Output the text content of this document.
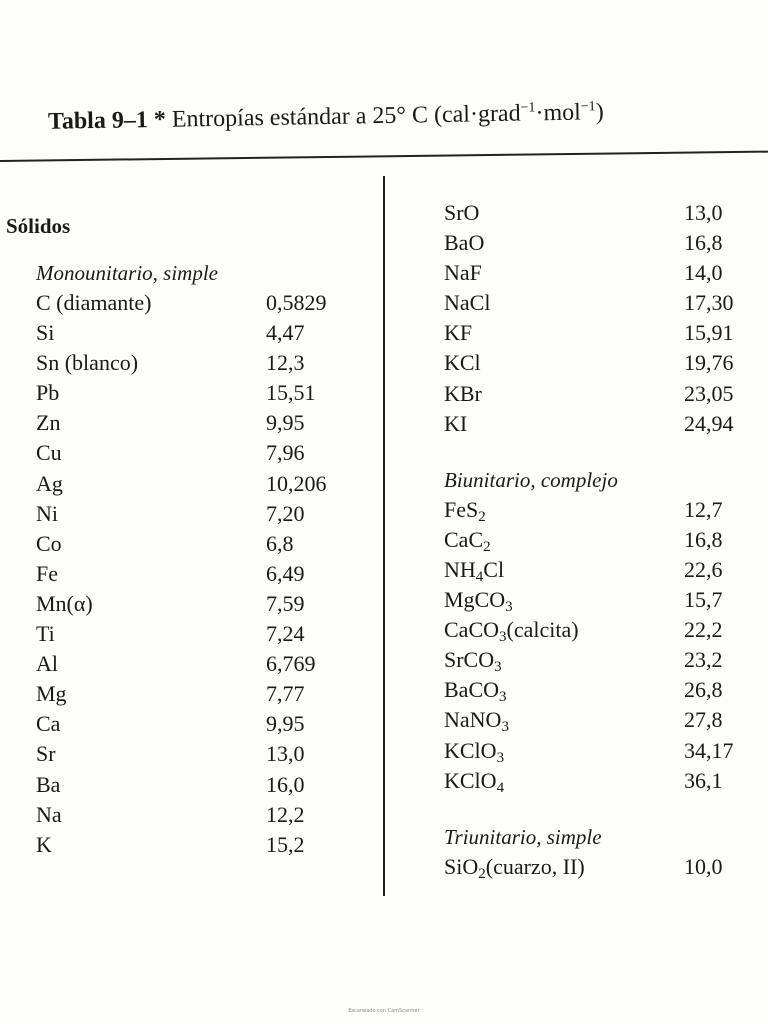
Tabla 9–1 * Entropías estándar a 25° C (cal·grad$^{-1}$·mol$^{-1}$)
Sólidos
Monounitario, simple
C (diamante)	0,5829
Si	4,47
Sn (blanco)	12,3
Pb	15,51
Zn	9,95
Cu	7,96
Ag	10,206
Ni	7,20
Co	6,8
Fe	6,49
Mn(α)	7,59
Ti	7,24
Al	6,769
Mg	7,77
Ca	9,95
Sr	13,0
Ba	16,0
Na	12,2
K	15,2
SrO	13,0
BaO	16,8
NaF	14,0
NaCl	17,30
KF	15,91
KCl	19,76
KBr	23,05
KI	24,94
Biunitario, complejo
FeS$_2$	12,7
CaC$_2$	16,8
$NH_4Cl$	22,6
MgCO$_3$	15,7
CaCO$_3$(calcita)	22,2
SrCO$_3$	23,2
BaCO$_3$	26,8
NaNO$_3$	27,8
KClO$_3$	34,17
KClO$_4$	36,1
Triunitario, simple
SiO$_2$(cuarzo, II)	10,0
Escaneado con CamScanner
